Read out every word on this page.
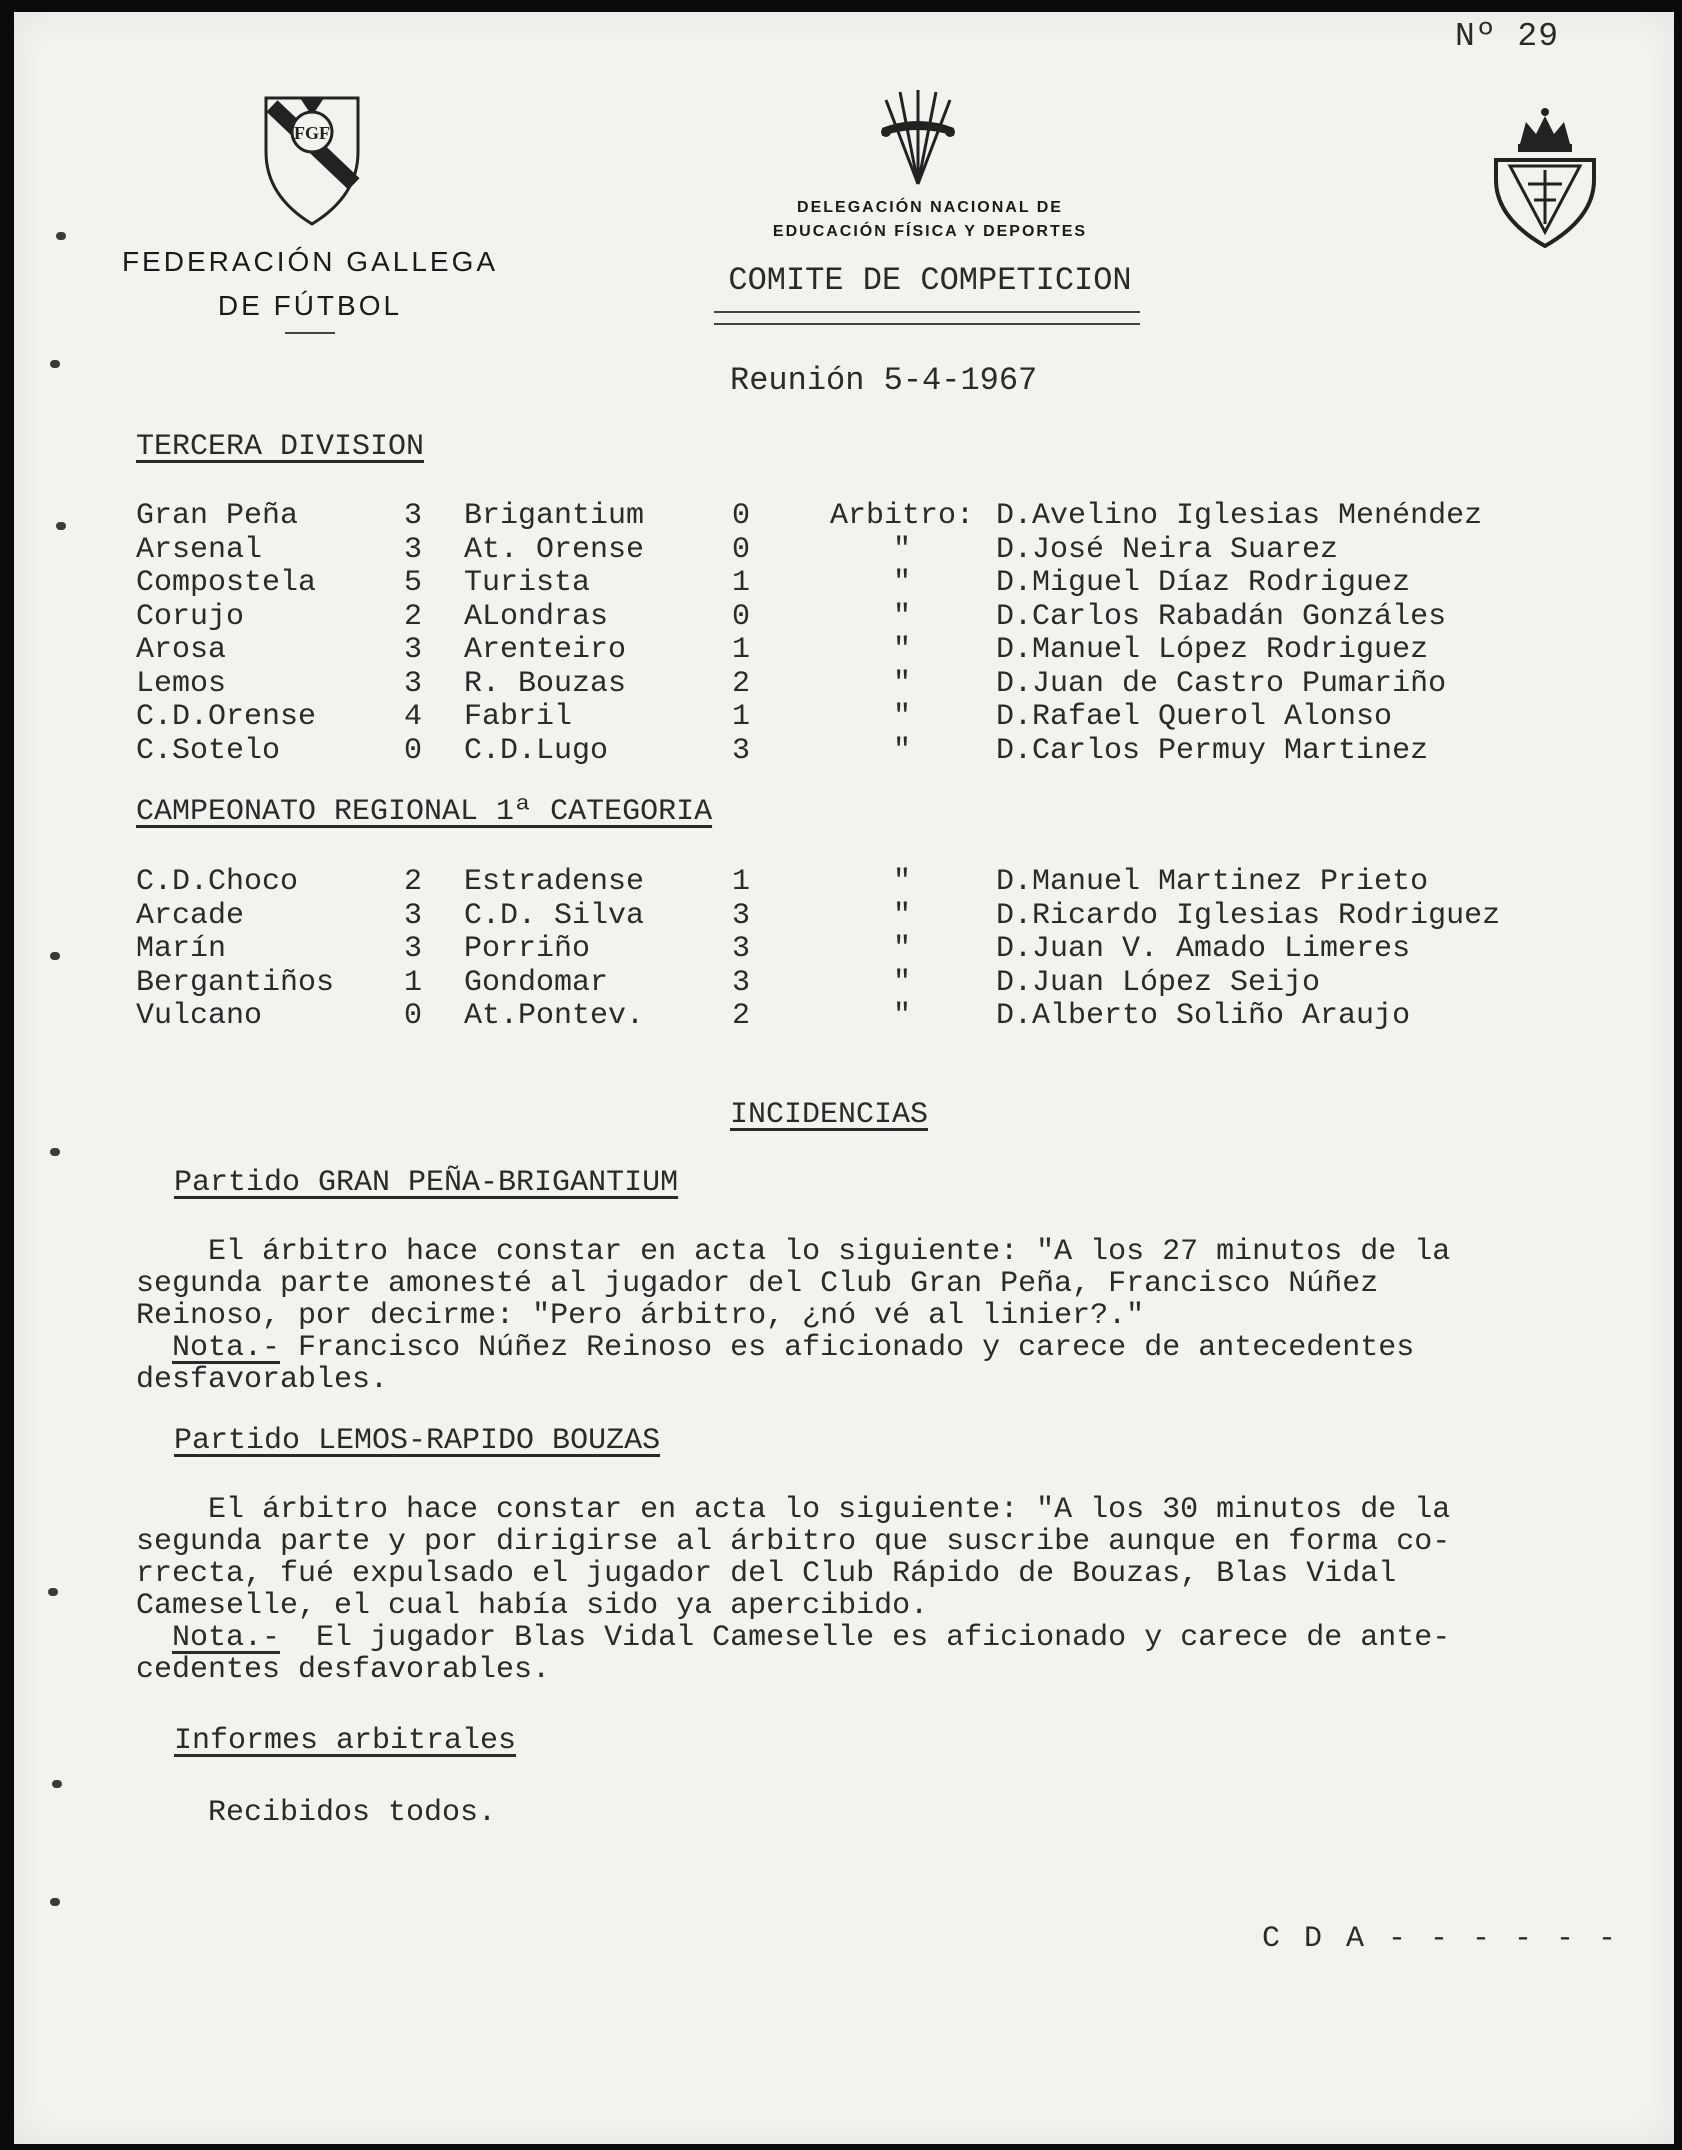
Nº 29
FGF
FEDERACIÓN GALLEGA
DE FÚTBOL
DELEGACIÓN NACIONAL DE
EDUCACIÓN FÍSICA Y DEPORTES
COMITE DE COMPETICION
Reunión 5-4-1967
TERCERA DIVISION
Gran Peña	3 Brigantium	0	Arbitro: D.Avelino Iglesias Menéndez
Arsenal	3 At. Orense	0	"	D.José Neira Suarez
Compostela	5 Turista	1	"	D.Miguel Díaz Rodriguez
Corujo	2 ALondras	0	"	D.Carlos Rabadán Gonzáles
Arosa	3 Arenteiro	1	"	D.Manuel López Rodriguez
Lemos	3 R. Bouzas	2	"	D.Juan de Castro Pumariño
C.D.Orense	4 Fabril	1	"	D.Rafael Querol Alonso
C.Sotelo	0 C.D.Lugo	3	"	D.Carlos Permuy Martinez
CAMPEONATO REGIONAL 1ª CATEGORIA
C.D.Choco	2 Estradense	1	"	D.Manuel Martinez Prieto
Arcade	3 C.D. Silva	3	"	D.Ricardo Iglesias Rodriguez
Marín	3 Porriño	3	"	D.Juan V. Amado Limeres
Bergantiños 1 Gondomar	3	"	D.Juan López Seijo
Vulcano	0 At.Pontev.	2	"	D.Alberto Soliño Araujo
INCIDENCIAS
Partido GRAN PEÑA-BRIGANTIUM
El árbitro hace constar en acta lo siguiente: "A los 27 minutos de la
segunda parte amonesté al jugador del Club Gran Peña, Francisco Núñez
Reinoso, por decirme: "Pero árbitro, ¿nó vé al linier?."
Nota.- Francisco Núñez Reinoso es aficionado y carece de antecedentes
desfavorables.
Partido LEMOS-RAPIDO BOUZAS
El árbitro hace constar en acta lo siguiente: "A los 30 minutos de la
segunda parte y por dirigirse al árbitro que suscribe aunque en forma co-
rrecta, fué expulsado el jugador del Club Rápido de Bouzas, Blas Vidal
Cameselle, el cual había sido ya apercibido.
Nota.-  El jugador Blas Vidal Cameselle es aficionado y carece de ante-
cedentes desfavorables.
Informes arbitrales
Recibidos todos.
C D A - - - - - -
